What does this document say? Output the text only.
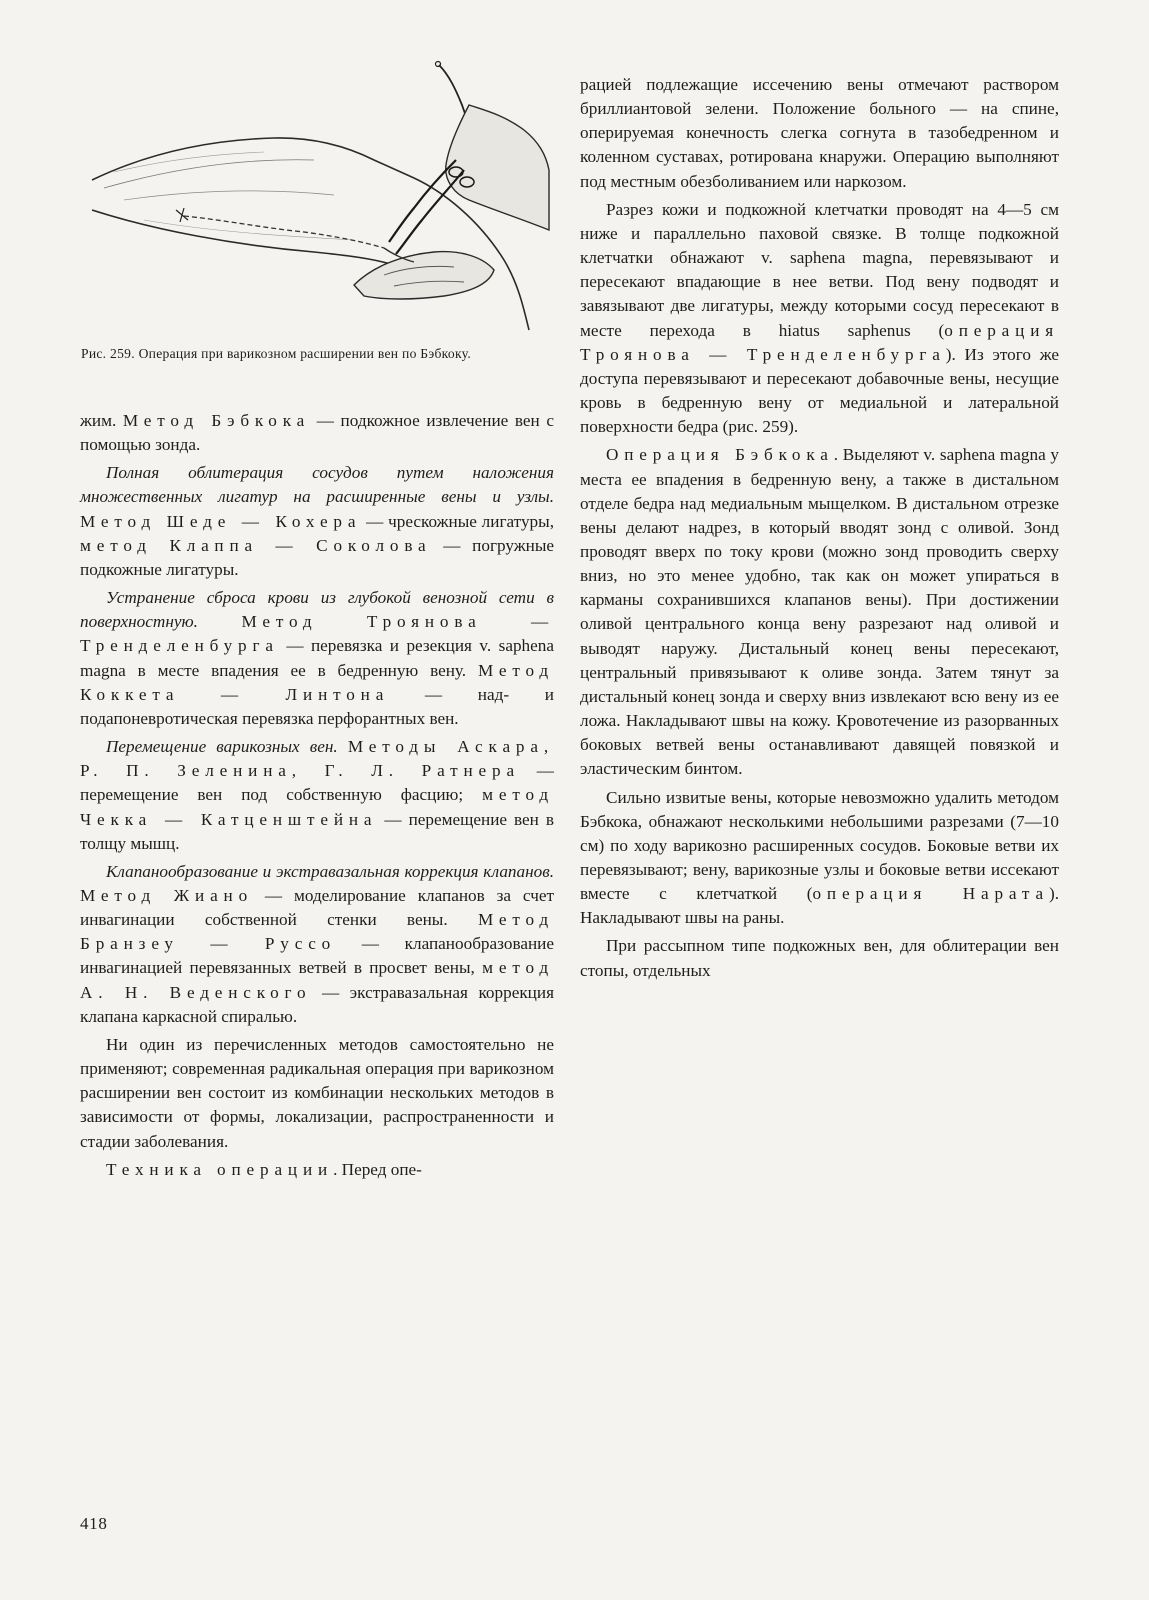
Рис. 259. Операция при варикозном расширении вен по Бэбкоку.

жим. Метод Бэбкока — подкожное извлечение вен с помощью зонда.

Полная облитерация сосудов путем наложения множественных лигатур на расширенные вены и узлы. Метод Шеде — Кохера — чрескожные лигатуры, метод Клаппа — Соколова — погружные подкожные лигатуры.

Устранение сброса крови из глубокой венозной сети в поверхностную.	Метод Троянова — Тренделенбурга — перевязка и резекция v. saphena magna в месте впадения ее в бедренную вену. Метод Коккета — Линтона — над- и подапоневротическая перевязка перфорантных вен.

Перемещение варикозных вен. Методы Аскара, Р. П. Зеленина, Г. Л. Ратнера — перемещение вен под собственную фасцию; метод Чекка — Катценштейна — перемещение вен в толщу мышц.

Клапанообразование и экстравазальная коррекция клапанов. Метод Жиано — моделирование клапанов за счет инвагинации собственной стенки вены. Метод Бранзеу — Руссо — клапанообразование инвагинацией перевязанных ветвей в просвет вены, метод А. Н. Веденского — экстравазальная коррекция клапана каркасной спиралью.

Ни один из перечисленных методов самостоятельно не применяют; современная радикальная операция при варикозном расширении вен состоит из комбинации нескольких методов в зависимости от формы, локализации, распространенности и стадии заболевания.

Техника операции. Перед опе-

рацией подлежащие иссечению вены отмечают раствором бриллиантовой зелени. Положение больного — на спине, оперируемая конечность слегка согнута в тазобедренном и коленном суставах, ротирована кнаружи. Операцию выполняют под местным обезболиванием или наркозом.

Разрез кожи и подкожной клетчатки проводят на 4—5 см ниже и параллельно паховой связке. В толще подкожной клетчатки обнажают v. saphena magna, перевязывают и пересекают впадающие в нее ветви. Под вену подводят и завязывают две лигатуры, между которыми сосуд пересекают в месте перехода в hiatus saphenus (операция Троянова — Тренделенбурга). Из этого же доступа перевязывают и пересекают добавочные вены, несущие кровь в бедренную вену от медиальной и латеральной поверхности бедра (рис. 259).

Операция Бэбкока. Выделяют v. saphena magna у места ее впадения в бедренную вену, а также в дистальном отделе бедра над медиальным мыщелком. В дистальном отрезке вены делают надрез, в который вводят зонд с оливой. Зонд проводят вверх по току крови (можно зонд проводить сверху вниз, но это менее удобно, так как он может упираться в карманы сохранившихся клапанов вены). При достижении оливой центрального конца вену разрезают над оливой и выводят наружу. Дистальный конец вены пересекают, центральный привязывают к оливе зонда. Затем тянут за дистальный конец зонда и сверху вниз извлекают всю вену из ее ложа. Накладывают швы на кожу. Кровотечение из разорванных боковых ветвей вены останавливают давящей повязкой и эластическим бинтом.

Сильно извитые вены, которые невозможно удалить методом Бэбкока, обнажают несколькими небольшими разрезами (7—10 см) по ходу варикозно расширенных сосудов. Боковые ветви их перевязывают; вену, варикозные узлы и боковые ветви иссекают вместе с клетчаткой (операция Нарата). Накладывают швы на раны.

При рассыпном типе подкожных вен, для облитерации вен стопы, отдельных

418
